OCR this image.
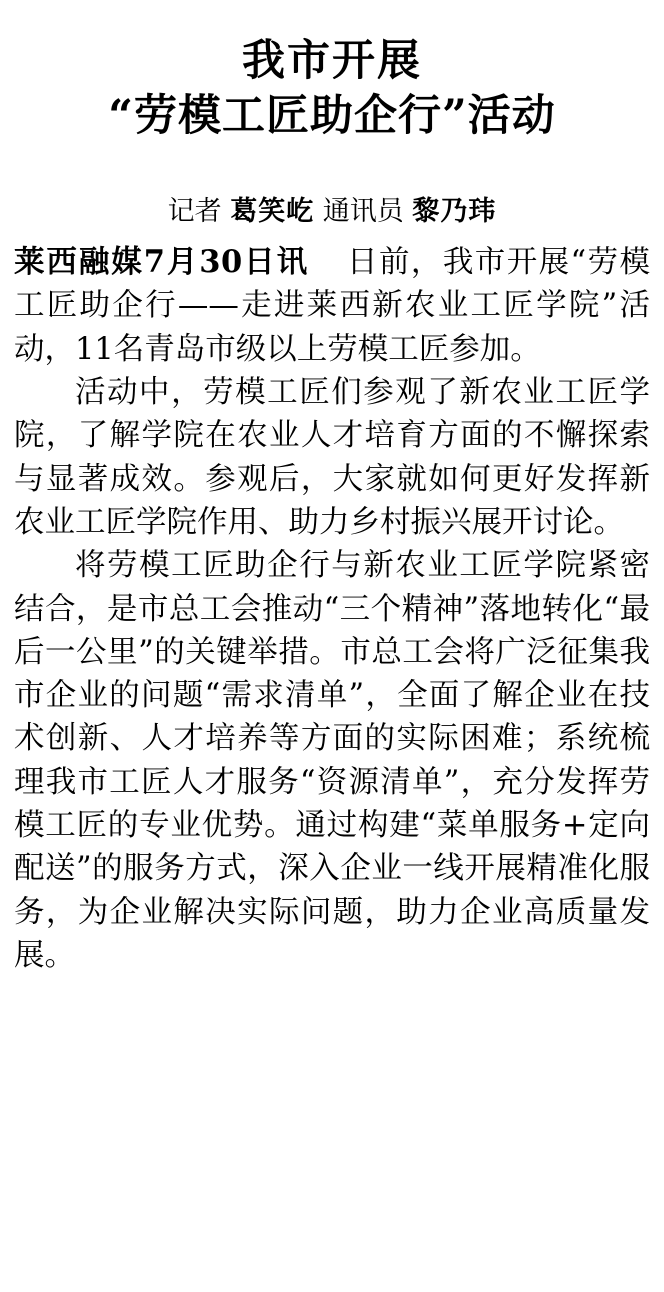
我市开展
“劳模工匠助企行”活动

记者 葛笑屹 通讯员 黎乃玮

莱西融媒7月30日讯 日前，我市开展“劳模工匠助企行——走进莱西新农业工匠学院”活动，11名青岛市级以上劳模工匠参加。

活动中，劳模工匠们参观了新农业工匠学院，了解学院在农业人才培育方面的不懈探索与显著成效。参观后，大家就如何更好发挥新农业工匠学院作用、助力乡村振兴展开讨论。

将劳模工匠助企行与新农业工匠学院紧密结合，是市总工会推动“三个精神”落地转化“最后一公里”的关键举措。市总工会将广泛征集我市企业的问题“需求清单”，全面了解企业在技术创新、人才培养等方面的实际困难；系统梳理我市工匠人才服务“资源清单”，充分发挥劳模工匠的专业优势。通过构建“菜单服务+定向配送”的服务方式，深入企业一线开展精准化服务，为企业解决实际问题，助力企业高质量发展。
